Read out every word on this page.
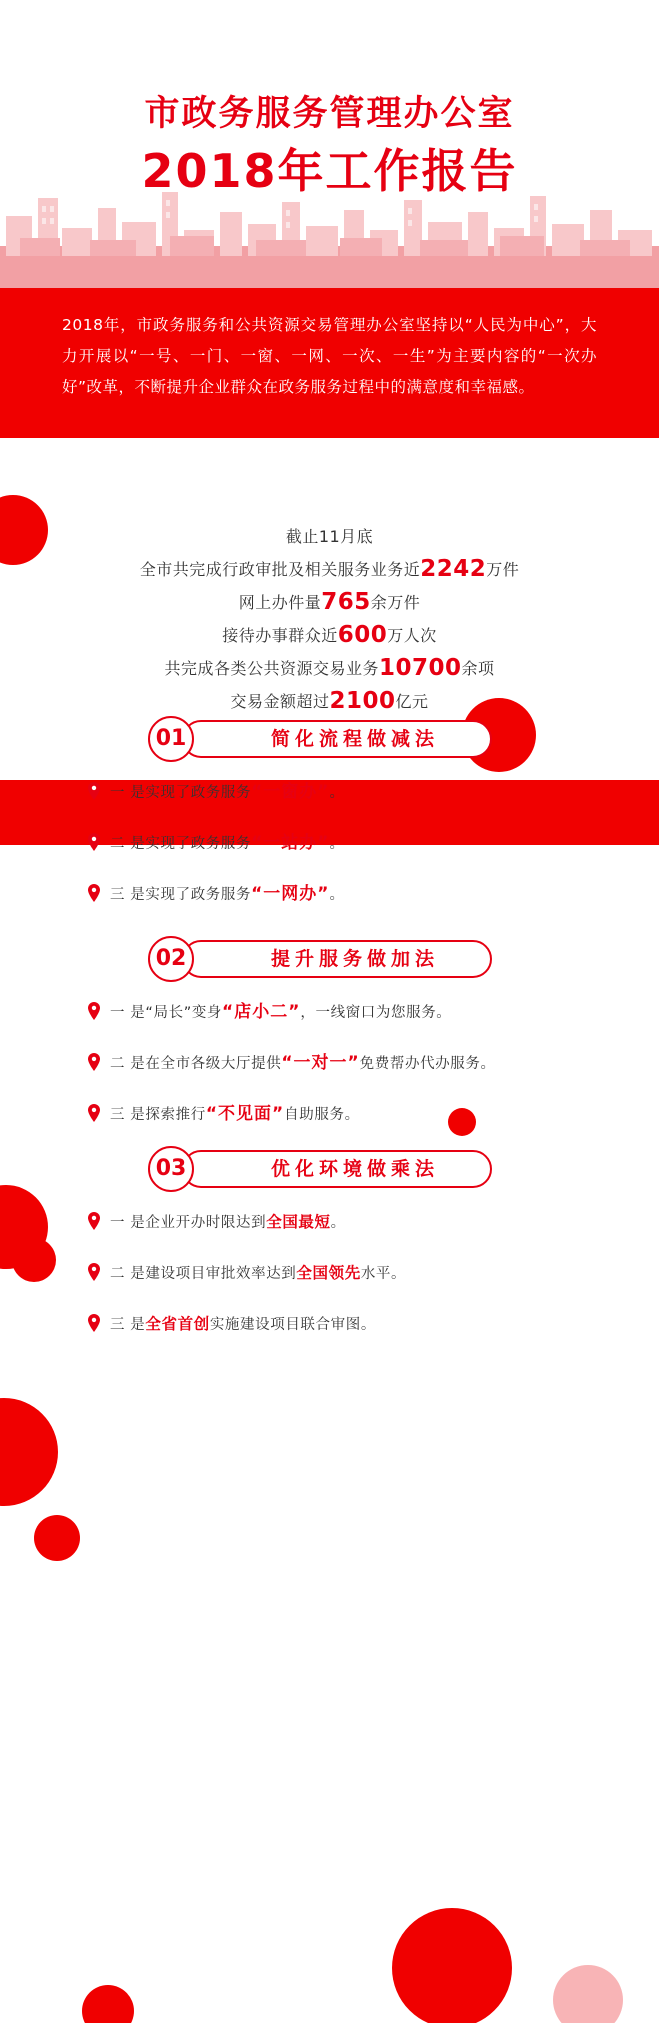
市政务服务管理办公室
2018年工作报告
2018年，市政务服务和公共资源交易管理办公室坚持以“人民为中心”，大力开展以“一号、一门、一窗、一网、一次、一生”为主要内容的“一次办好”改革，不断提升企业群众在政务服务过程中的满意度和幸福感。
截止11月底
全市共完成行政审批及相关服务业务近2242万件
网上办件量765余万件
接待办事群众近600万人次
共完成各类公共资源交易业务10700余项
交易金额超过2100亿元
简化流程做减法
01
一 是实现了政务服务“一窗办”。
二 是实现了政务服务“一站办”。
三 是实现了政务服务“一网办”。
提升服务做加法
02
一 是“局长”变身“店小二”，一线窗口为您服务。
二 是在全市各级大厅提供“一对一”免费帮办代办服务。
三 是探索推行“不见面”自助服务。
优化环境做乘法
03
一 是企业开办时限达到全国最短。
二 是建设项目审批效率达到全国领先水平。
三 是全省首创实施建设项目联合审图。
